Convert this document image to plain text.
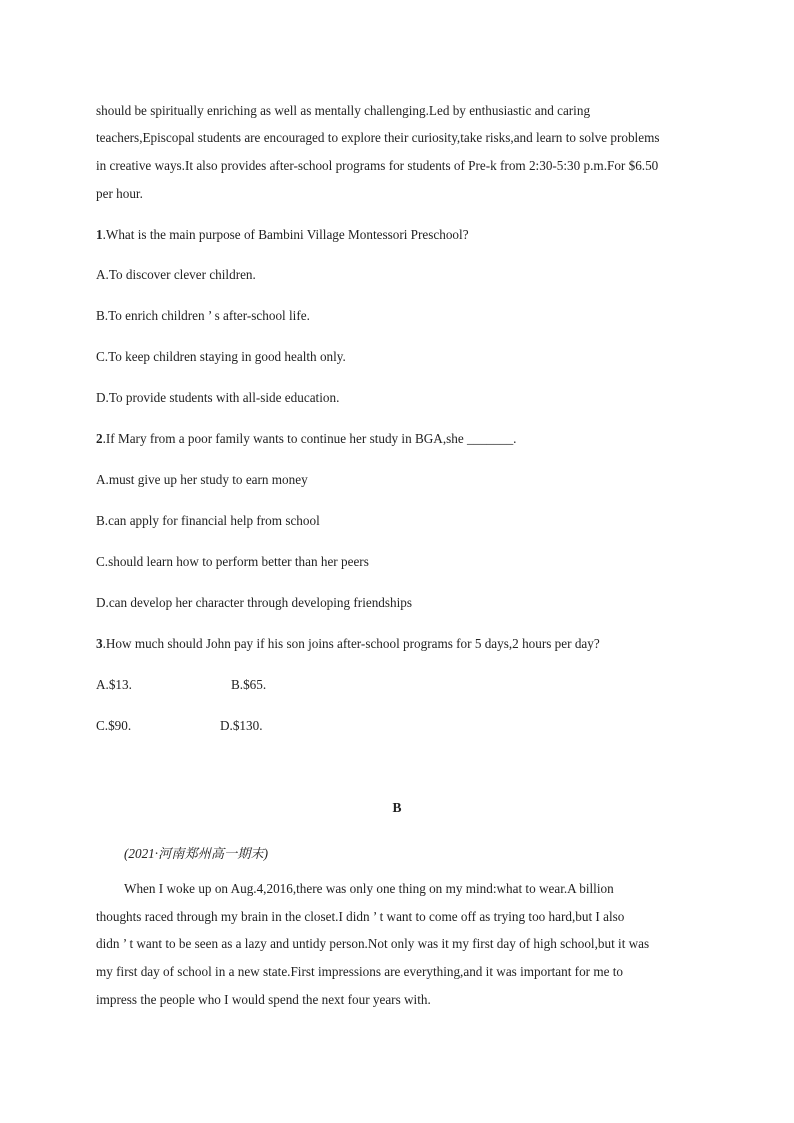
should be spiritually enriching as well as mentally challenging.Led by enthusiastic and caring
teachers,Episcopal students are encouraged to explore their curiosity,take risks,and learn to solve problems
in creative ways.It also provides after-school programs for students of Pre-k from 2:30-5:30 p.m.For $6.50
per hour.
1.What is the main purpose of Bambini Village Montessori Preschool?
A.To discover clever children.
B.To enrich children ’ s after-school life.
C.To keep children staying in good health only.
D.To provide students with all-side education.
2.If Mary from a poor family wants to continue her study in BGA,she _______.
A.must give up her study to earn money
B.can apply for financial help from school
C.should learn how to perform better than her peers
D.can develop her character through developing friendships
3.How much should John pay if his son joins after-school programs for 5 days,2 hours per day?
A.$13.	B.$65.
C.$90.	D.$130.
B
(2021·河南郑州高一期末)
When I woke up on Aug.4,2016,there was only one thing on my mind:what to wear.A billion
thoughts raced through my brain in the closet.I didn ’ t want to come off as trying too hard,but I also
didn ’ t want to be seen as a lazy and untidy person.Not only was it my first day of high school,but it was
my first day of school in a new state.First impressions are everything,and it was important for me to
impress the people who I would spend the next four years with.
